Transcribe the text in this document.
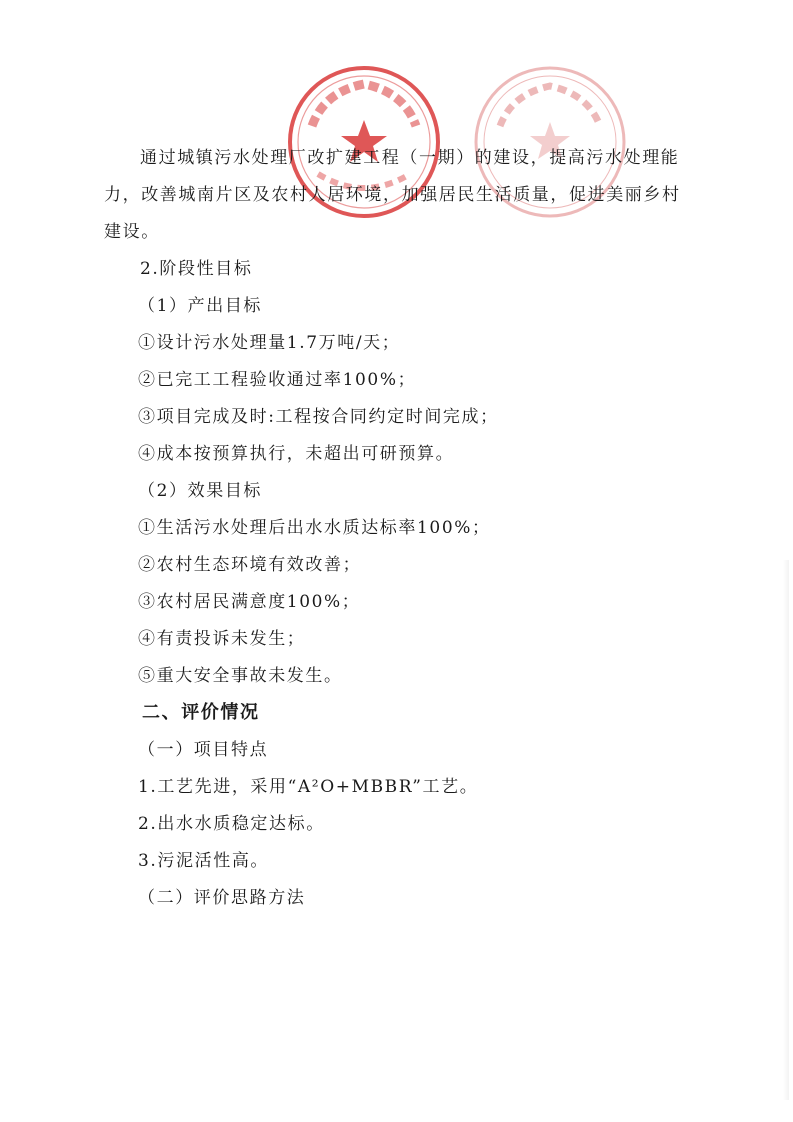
通过城镇污水处理厂改扩建工程（一期）的建设，提高污水处理能
力，改善城南片区及农村人居环境，加强居民生活质量，促进美丽乡村
建设。
2.阶段性目标
（1）产出目标
①设计污水处理量1.7万吨/天；
②已完工工程验收通过率100%；
③项目完成及时:工程按合同约定时间完成；
④成本按预算执行，未超出可研预算。
（2）效果目标
①生活污水处理后出水水质达标率100%；
②农村生态环境有效改善；
③农村居民满意度100%；
④有责投诉未发生；
⑤重大安全事故未发生。
二、评价情况
（一）项目特点
1.工艺先进，采用“A²O+MBBR”工艺。
2.出水水质稳定达标。
3.污泥活性高。
（二）评价思路方法
